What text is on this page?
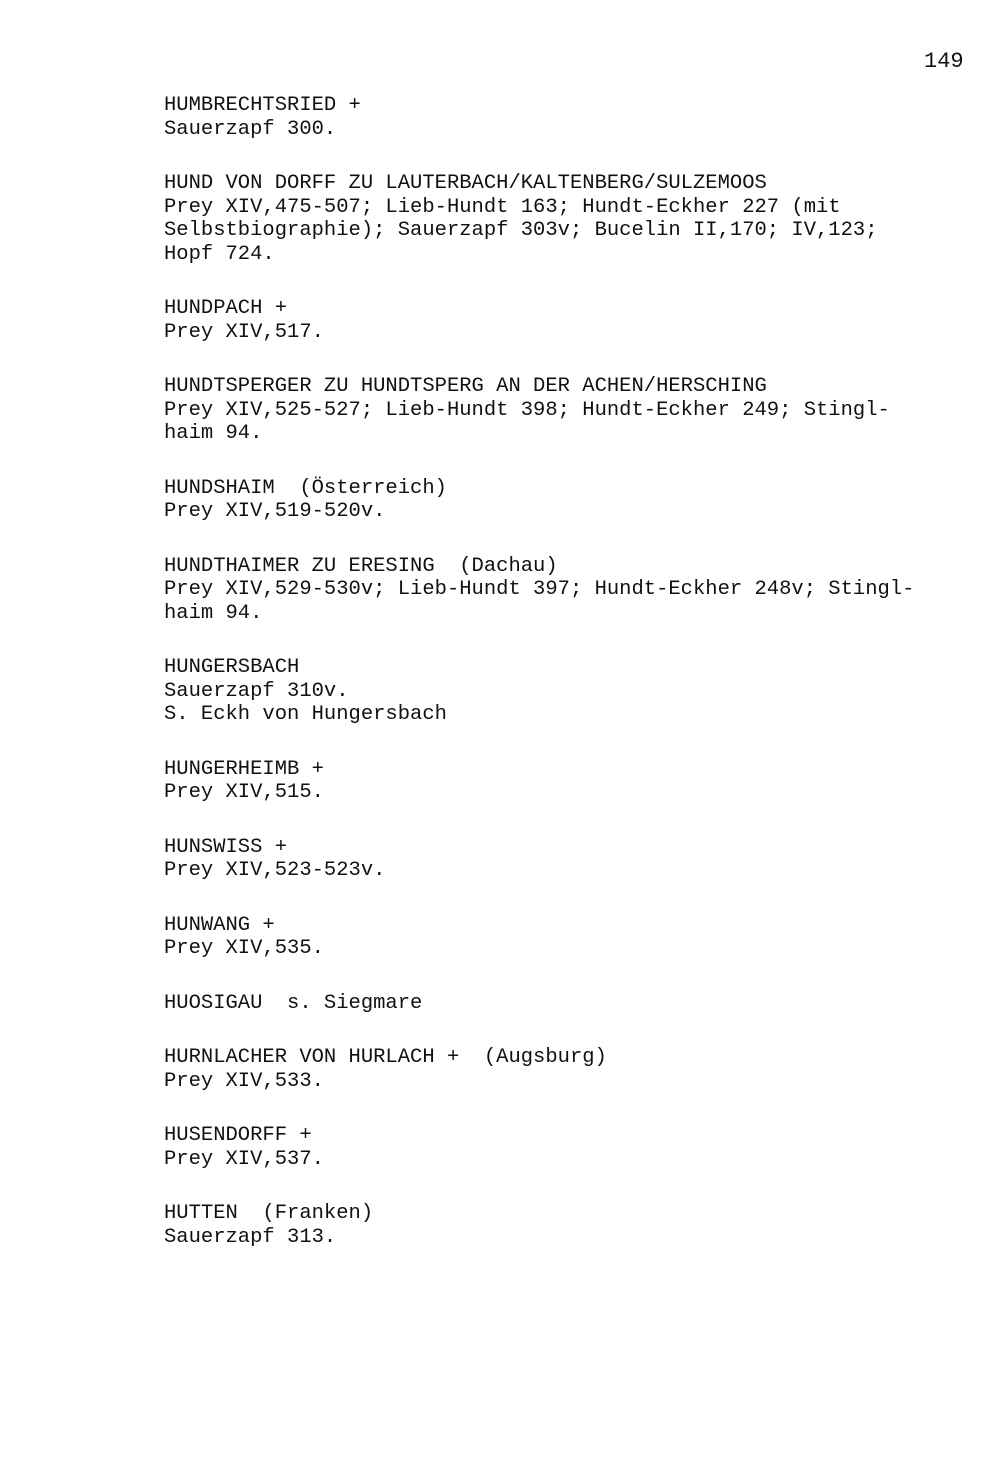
149
HUMBRECHTSRIED +
Sauerzapf 300.
HUND VON DORFF ZU LAUTERBACH/KALTENBERG/SULZEMOOS
Prey XIV,475-507; Lieb-Hundt 163; Hundt-Eckher 227 (mit
Selbstbiographie); Sauerzapf 303v; Bucelin II,170; IV,123;
Hopf 724.
HUNDPACH +
Prey XIV,517.
HUNDTSPERGER ZU HUNDTSPERG AN DER ACHEN/HERSCHING
Prey XIV,525-527; Lieb-Hundt 398; Hundt-Eckher 249; Stingl-
haim 94.
HUNDSHAIM  (Österreich)
Prey XIV,519-520v.
HUNDTHAIMER ZU ERESING  (Dachau)
Prey XIV,529-530v; Lieb-Hundt 397; Hundt-Eckher 248v; Stingl-
haim 94.
HUNGERSBACH
Sauerzapf 310v.
S. Eckh von Hungersbach
HUNGERHEIMB +
Prey XIV,515.
HUNSWISS +
Prey XIV,523-523v.
HUNWANG +
Prey XIV,535.
HUOSIGAU  s. Siegmare
HURNLACHER VON HURLACH +  (Augsburg)
Prey XIV,533.
HUSENDORFF +
Prey XIV,537.
HUTTEN  (Franken)
Sauerzapf 313.
